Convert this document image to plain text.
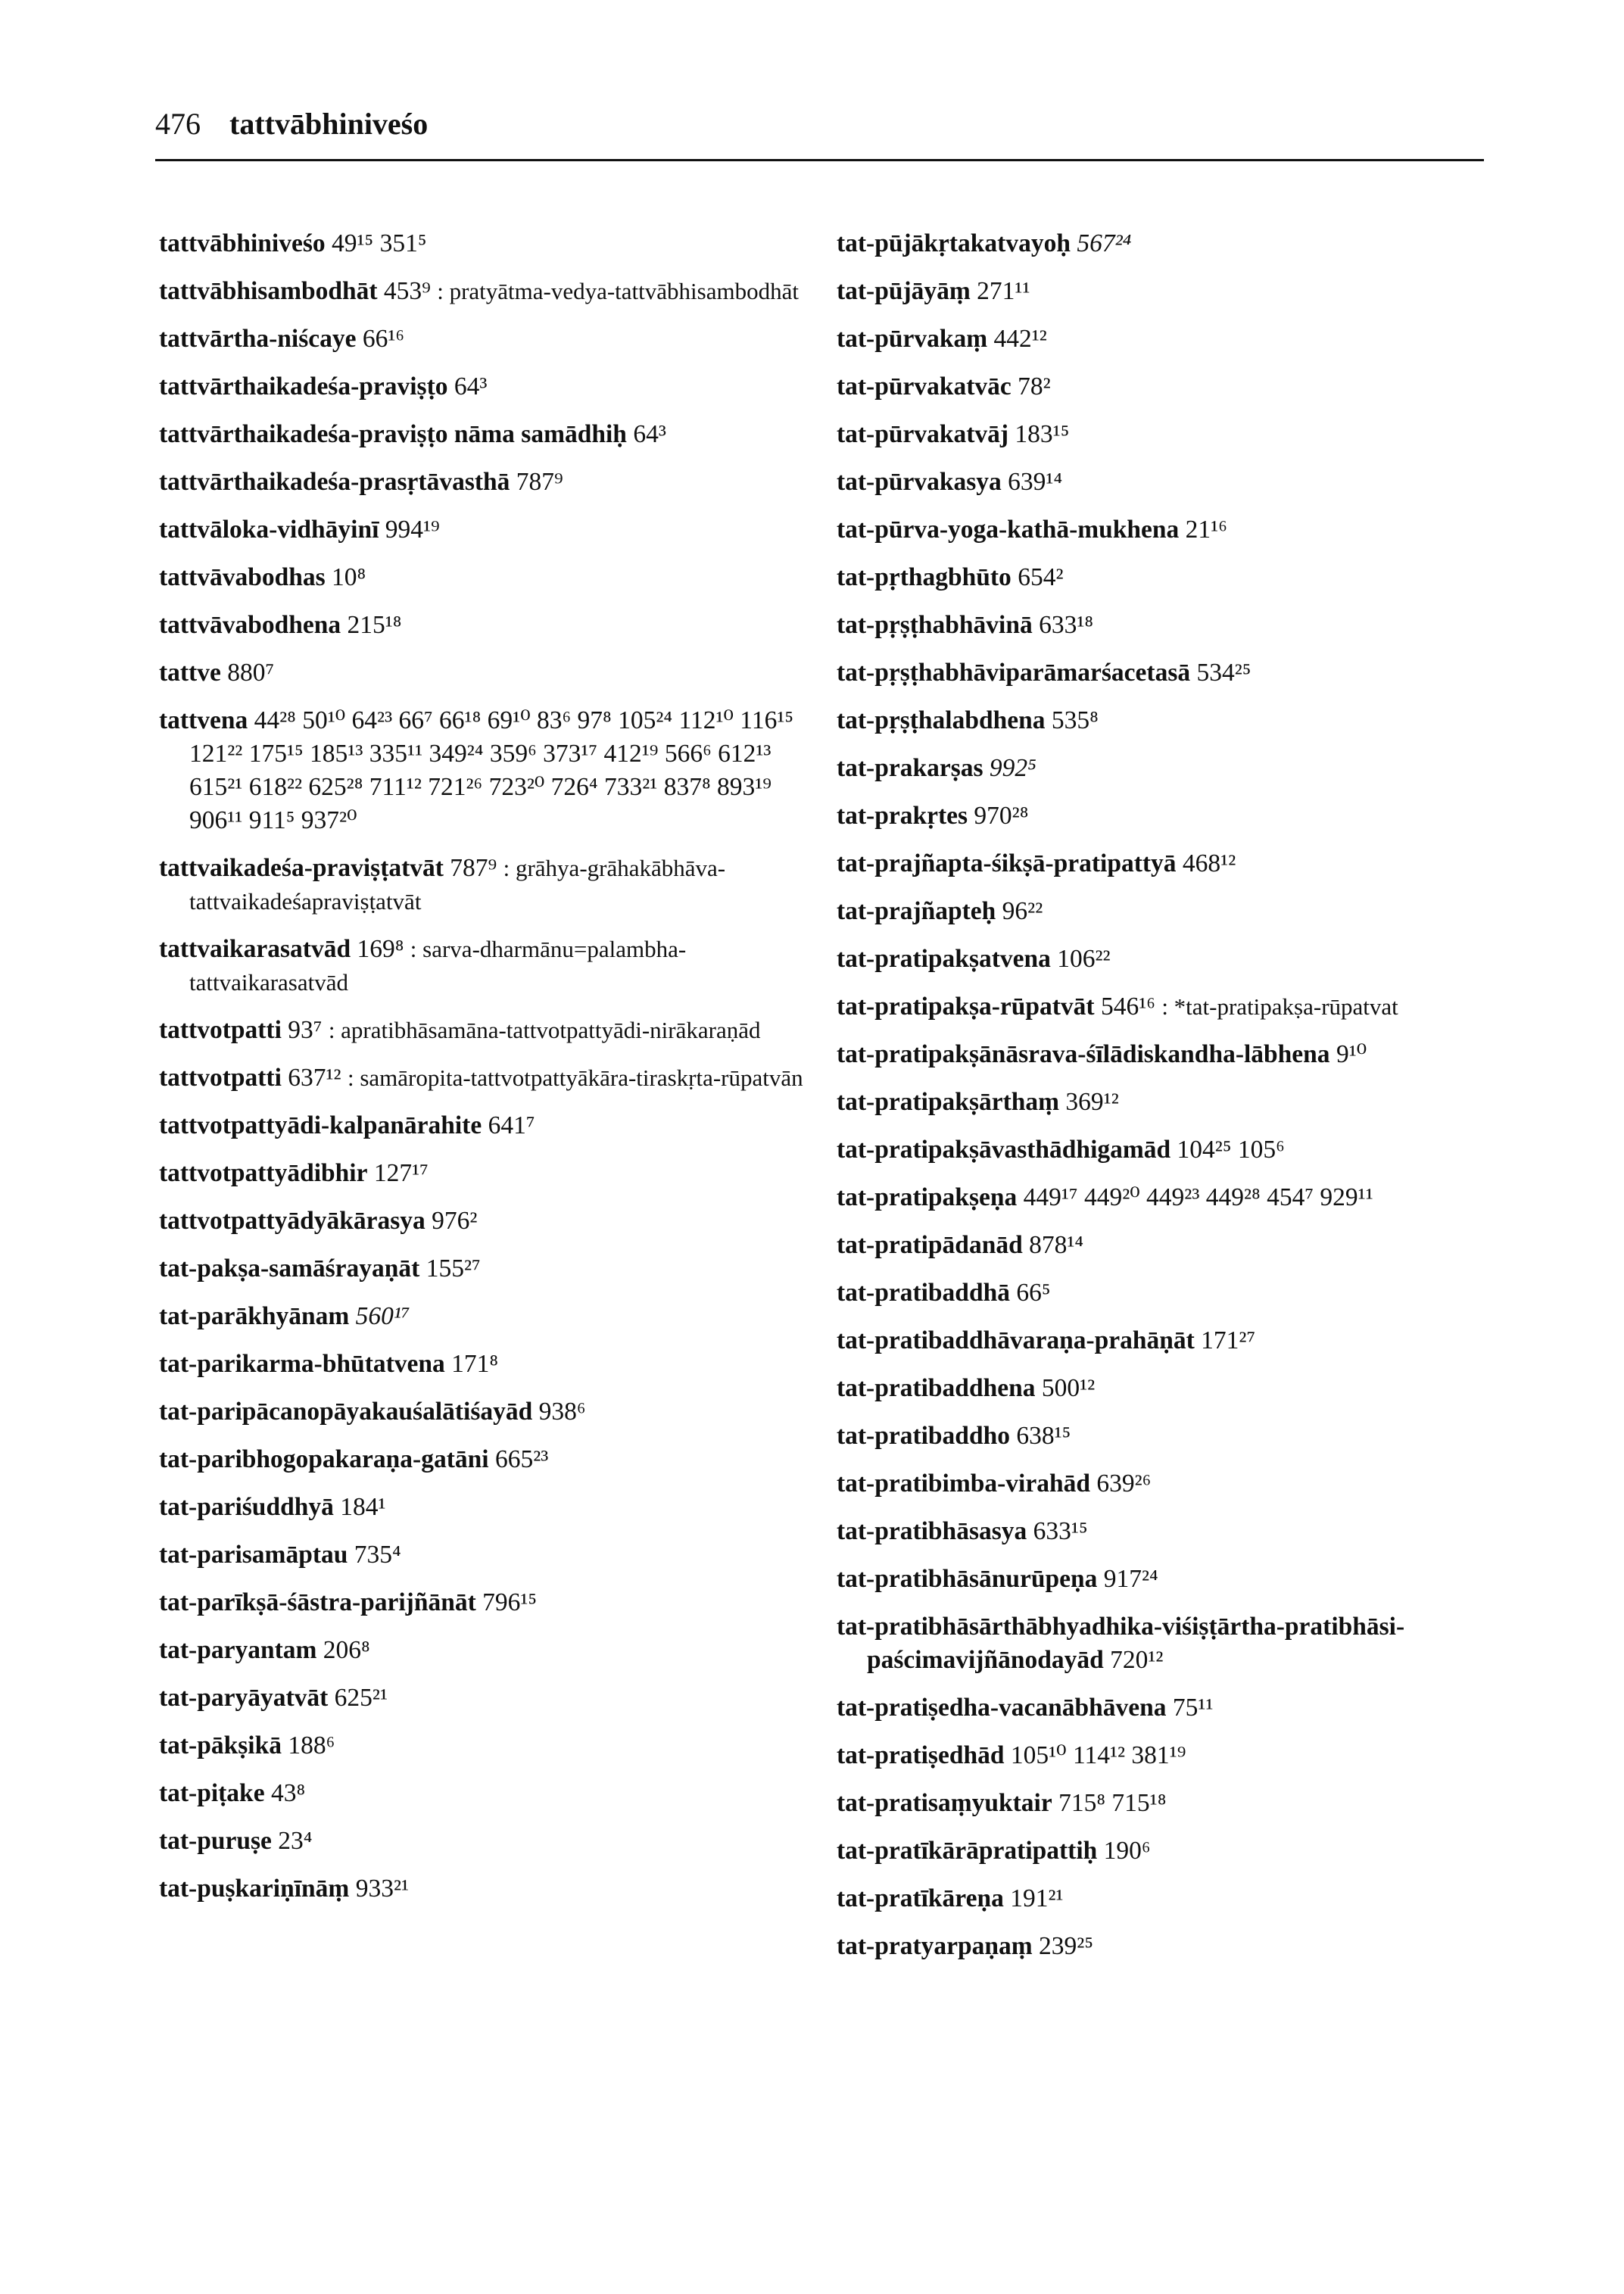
476 tattvābhiniveśo
tattvābhiniveśo 49¹⁵ 351⁵
tattvābhisambodhāt 453⁹ : pratyātma-vedya-tattvābhisambodhāt
tattvārtha-niścaye 66¹⁶
tattvārthaikadeśa-praviṣṭo 64³
tattvārthaikadeśa-praviṣṭo nāma samādhiḥ 64³
tattvārthaikadeśa-prasṛtāvasthā 787⁹
tattvāloka-vidhāyinī 994¹⁹
tattvāvabodhas 10⁸
tattvāvabodhena 215¹⁸
tattve 880⁷
tattvena 44²⁸ 50¹⁰ 64²³ 66⁷ 66¹⁸ 69¹⁰ 83⁶ 97⁸ 105²⁴ 112¹⁰ 116¹⁵ 121²² 175¹⁵ 185¹³ 335¹¹ 349²⁴ 359⁶ 373¹⁷ 412¹⁹ 566⁶ 612¹³ 615²¹ 618²² 625²⁸ 711¹² 721²⁶ 723²⁰ 726⁴ 733²¹ 837⁸ 893¹⁹ 906¹¹ 911⁵ 937²⁰
tattvaikadeśa-praviṣṭatvāt 787⁹ : grāhya-grāhakābhāva-tattvaikadeśapraviṣṭatvāt
tattvaikarasatvād 169⁸ : sarva-dharmānu=palambha-tattvaikarasatvād
tattvotpatti 93⁷ : apratibhāsamāna-tattvotpattyādi-nirākaraṇād
tattvotpatti 637¹² : samāropita-tattvotpattyākāra-tiraskṛta-rūpatvān
tattvotpattyādi-kalpanārahite 641⁷
tattvotpattyādibhir 127¹⁷
tattvotpattyādyākārasya 976²
tat-pakṣa-samāśrayaṇāt 155²⁷
tat-parākhyānam 560¹⁷
tat-parikarma-bhūtatvena 171⁸
tat-paripācanopāyakauśalātiśayād 938⁶
tat-paribhogopakaraṇa-gatāni 665²³
tat-pariśuddhyā 184¹
tat-parisamāptau 735⁴
tat-parīkṣā-śāstra-parijñānāt 796¹⁵
tat-paryantam 206⁸
tat-paryāyatvāt 625²¹
tat-pākṣikā 188⁶
tat-piṭake 43⁸
tat-puruṣe 23⁴
tat-puṣkariṇīnāṃ 933²¹
tat-pūjākṛtakatvayoḥ 567²⁴
tat-pūjāyāṃ 271¹¹
tat-pūrvakaṃ 442¹²
tat-pūrvakatvāc 78²
tat-pūrvakatvāj 183¹⁵
tat-pūrvakasya 639¹⁴
tat-pūrva-yoga-kathā-mukhena 21¹⁶
tat-pṛthagbhūto 654²
tat-pṛṣṭhabhāvinā 633¹⁸
tat-pṛṣṭhabhāviparāmarśacetasā 534²⁵
tat-pṛṣṭhalabdhena 535⁸
tat-prakarṣas 992⁵
tat-prakṛtes 970²⁸
tat-prajñapta-śikṣā-pratipattyā 468¹²
tat-prajñapteḥ 96²²
tat-pratipakṣatvena 106²²
tat-pratipakṣa-rūpatvāt 546¹⁶ : *tat-pratipakṣa-rūpatvat
tat-pratipakṣānāsrava-śīlādiskandha-lābhena 9¹⁰
tat-pratipakṣārthaṃ 369¹²
tat-pratipakṣāvasthādhigamād 104²⁵ 105⁶
tat-pratipakṣeṇa 449¹⁷ 449²⁰ 449²³ 449²⁸ 454⁷ 929¹¹
tat-pratipādanād 878¹⁴
tat-pratibaddhā 66⁵
tat-pratibaddhāvaraṇa-prahāṇāt 171²⁷
tat-pratibaddhena 500¹²
tat-pratibaddho 638¹⁵
tat-pratibimba-virahād 639²⁶
tat-pratibhāsasya 633¹⁵
tat-pratibhāsānurūpeṇa 917²⁴
tat-pratibhāsārthābhyadhika-viśiṣṭārtha-pratibhāsi-paścimavijñānodayād 720¹²
tat-pratiṣedha-vacanābhāvena 75¹¹
tat-pratiṣedhād 105¹⁰ 114¹² 381¹⁹
tat-pratisaṃyuktair 715⁸ 715¹⁸
tat-pratīkārāpratipattiḥ 190⁶
tat-pratīkāreṇa 191²¹
tat-pratyarpaṇaṃ 239²⁵
